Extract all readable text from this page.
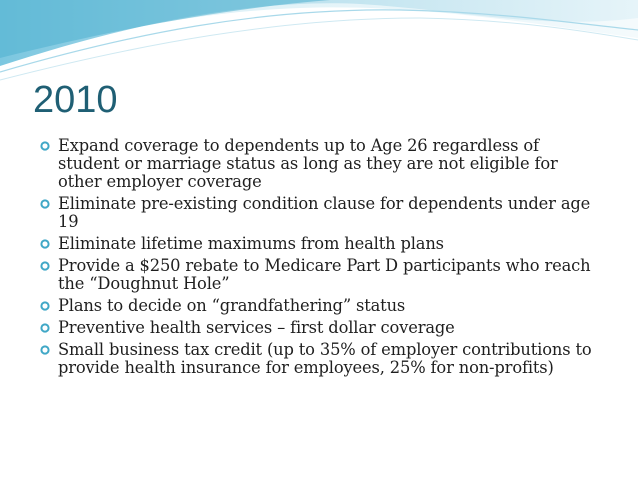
2010
Expand coverage to dependents up to Age 26 regardless of student or marriage status as long as they are not eligible for other employer coverage
Eliminate pre-existing condition clause for dependents under age 19
Eliminate lifetime maximums from health plans
Provide a $250 rebate to Medicare Part D participants who reach the “Doughnut Hole”
Plans to decide on “grandfathering” status
Preventive health services – first dollar coverage
Small business tax credit (up to 35% of employer contributions to provide health insurance for employees, 25% for non-profits)
